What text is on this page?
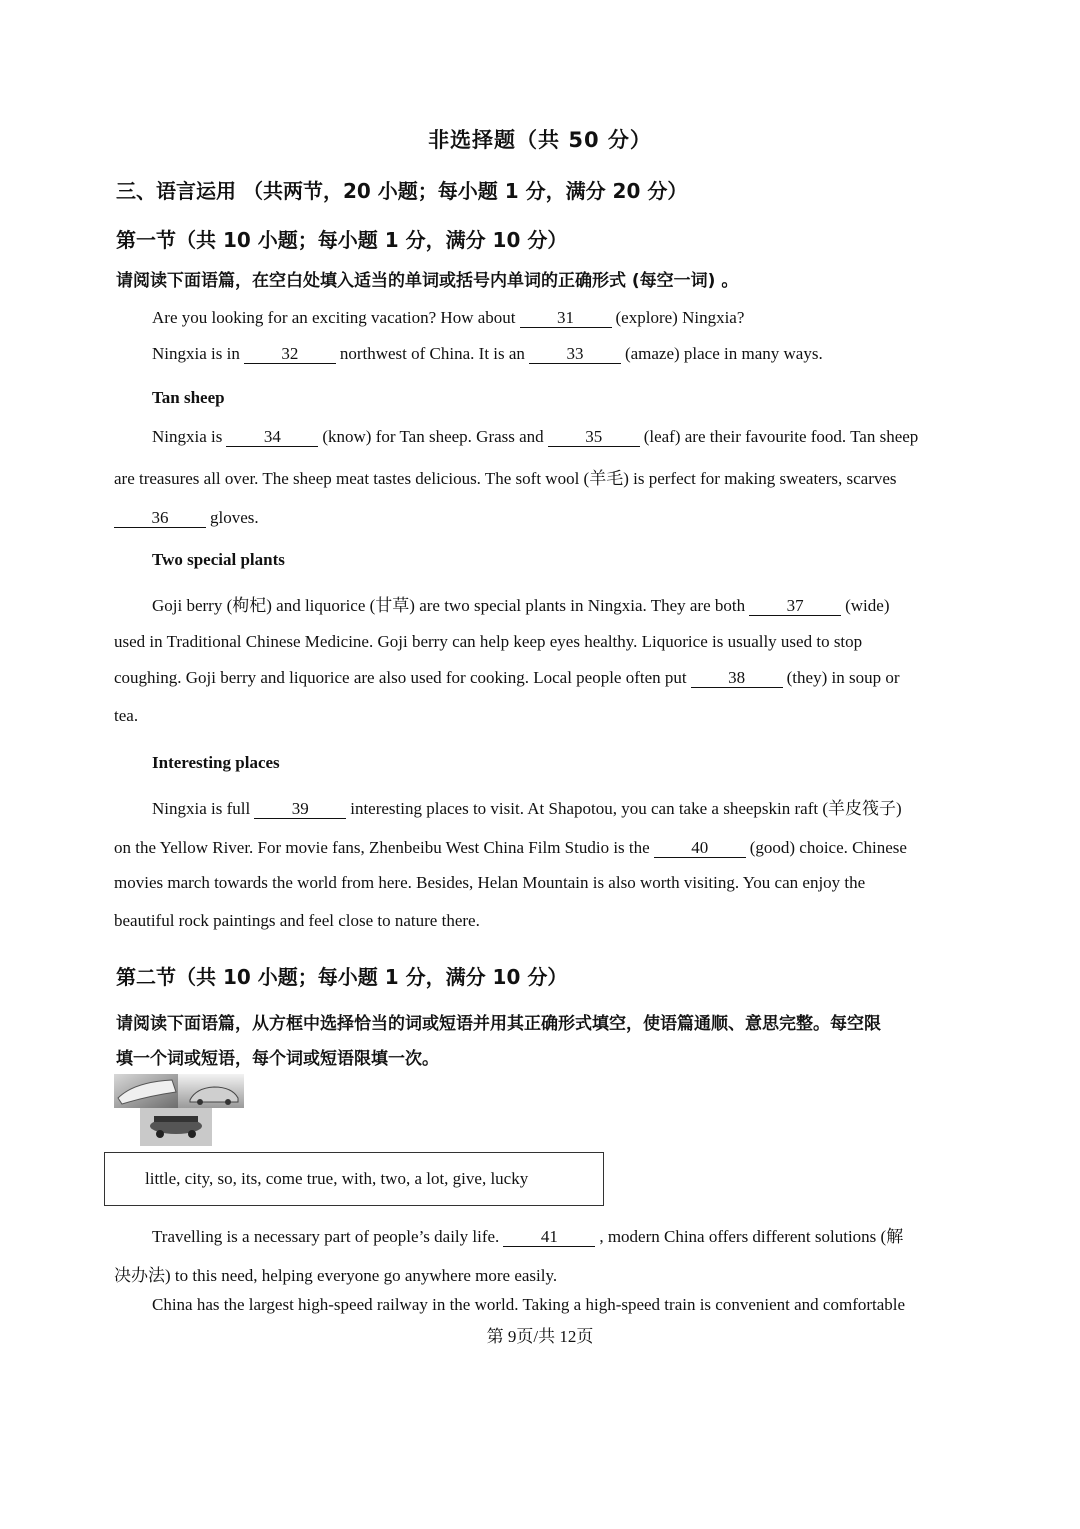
非选择题（共 50 分）
三、语言运用 （共两节，20 小题；每小题 1 分，满分 20 分）
第一节（共 10 小题；每小题 1 分，满分 10 分）
请阅读下面语篇，在空白处填入适当的单词或括号内单词的正确形式 (每空一词) 。
Are you looking for an exciting vacation? How about 31 (explore) Ningxia?
Ningxia is in 32 northwest of China. It is an 33 (amaze) place in many ways.
Tan sheep
Ningxia is 34 (know) for Tan sheep. Grass and 35 (leaf) are their favourite food. Tan sheep
are treasures all over. The sheep meat tastes delicious. The soft wool (羊毛) is perfect for making sweaters, scarves
36 gloves.
Two special plants
Goji berry (枸杞) and liquorice (甘草) are two special plants in Ningxia. They are both 37 (wide)
used in Traditional Chinese Medicine. Goji berry can help keep eyes healthy. Liquorice is usually used to stop
coughing. Goji berry and liquorice are also used for cooking. Local people often put 38 (they) in soup or
tea.
Interesting places
Ningxia is full 39 interesting places to visit. At Shapotou, you can take a sheepskin raft (羊皮筏子)
on the Yellow River. For movie fans, Zhenbeibu West China Film Studio is the 40 (good) choice. Chinese
movies march towards the world from here. Besides, Helan Mountain is also worth visiting. You can enjoy the
beautiful rock paintings and feel close to nature there.
第二节（共 10 小题；每小题 1 分，满分 10 分）
请阅读下面语篇，从方框中选择恰当的词或短语并用其正确形式填空，使语篇通顺、意思完整。每空限
填一个词或短语，每个词或短语限填一次。
little, city, so, its, come true, with, two, a lot, give, lucky
Travelling is a necessary part of people’s daily life. 41 , modern China offers different solutions (解
决办法) to this need, helping everyone go anywhere more easily.
China has the largest high-speed railway in the world. Taking a high-speed train is convenient and comfortable
第 9页/共 12页
